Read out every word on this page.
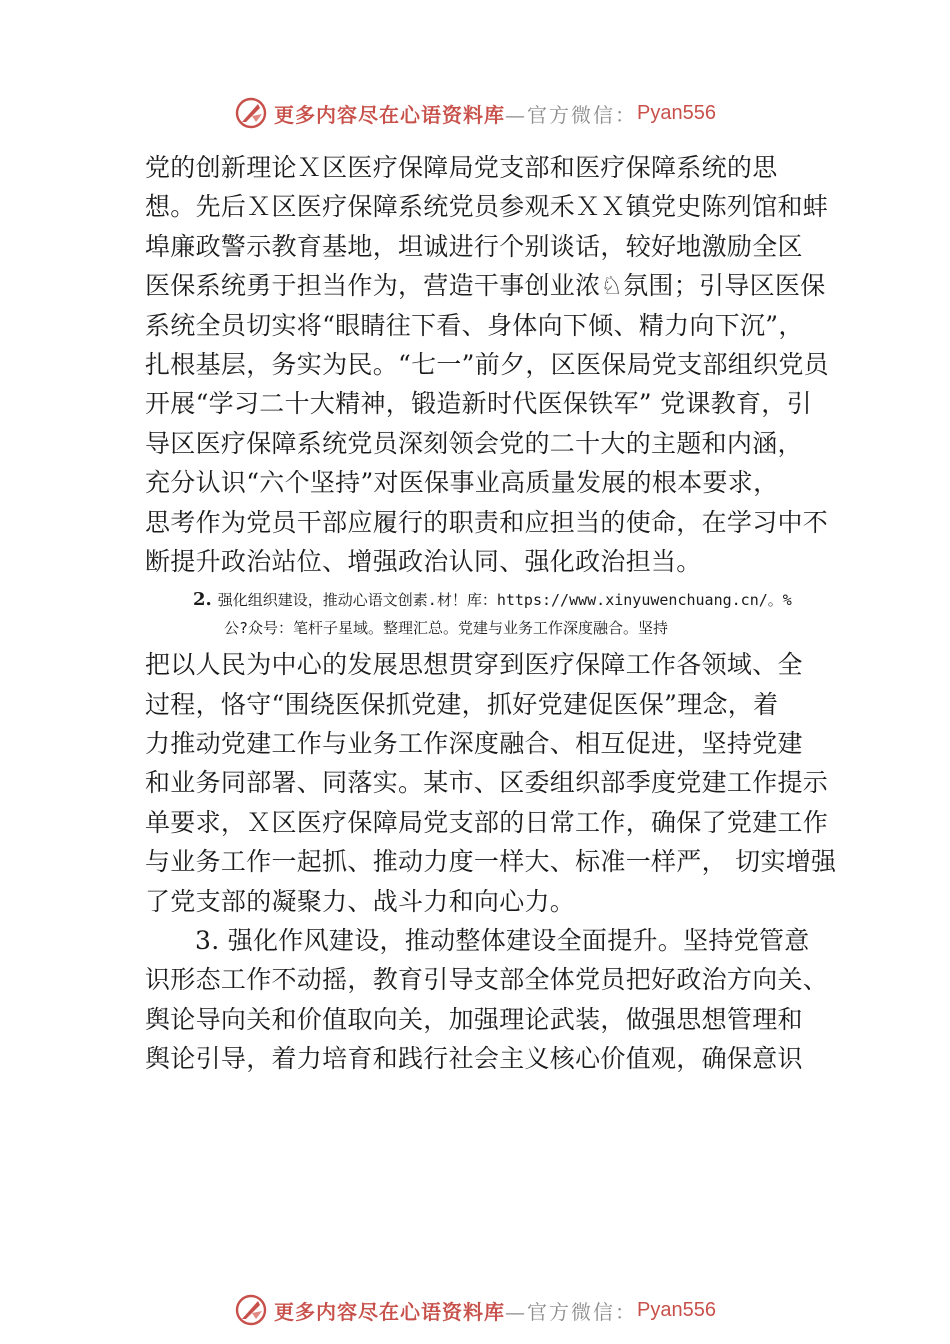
更多内容尽在心语资料库 —官方微信： Pyan556
党的创新理论Ｘ区医疗保障局党支部和医疗保障系统的思
想。先后Ｘ区医疗保障系统党员参观禾ＸＸ镇党史陈列馆和蚌
埠廉政警示教育基地，坦诚进行个别谈话，较好地激励全区
医保系统勇于担当作为，营造干事创业浓♘氛围；引导区医保
系统全员切实将“眼睛往下看、身体向下倾、精力向下沉”，
扎根基层，务实为民。“七一”前夕，区医保局党支部组织党员
开展“学习二十大精神，锻造新时代医保铁军” 党课教育，引
导区医疗保障系统党员深刻领会党的二十大的主题和内涵，
充分认识“六个坚持”对医保事业高质量发展的根本要求，
思考作为党员干部应履行的职责和应担当的使命，在学习中不
断提升政治站位、增强政治认同、强化政治担当。
2. 强化组织建设，推动心语文创素.材！库：https://www.xinyuwenchuang.cn/。%
公?众号：笔杆子星域。整理汇总。党建与业务工作深度融合。坚持
把以人民为中心的发展思想贯穿到医疗保障工作各领域、全
过程，恪守“围绕医保抓党建，抓好党建促医保”理念，着
力推动党建工作与业务工作深度融合、相互促进，坚持党建
和业务同部署、同落实。某市、区委组织部季度党建工作提示
单要求，Ｘ区医疗保障局党支部的日常工作，确保了党建工作
与业务工作一起抓、推动力度一样大、标准一样严， 切实增强
了党支部的凝聚力、战斗力和向心力。
3. 强化作风建设，推动整体建设全面提升。坚持党管意
识形态工作不动摇，教育引导支部全体党员把好政治方向关、
舆论导向关和价值取向关，加强理论武装，做强思想管理和
舆论引导，着力培育和践行社会主义核心价值观，确保意识
更多内容尽在心语资料库 —官方微信： Pyan556
